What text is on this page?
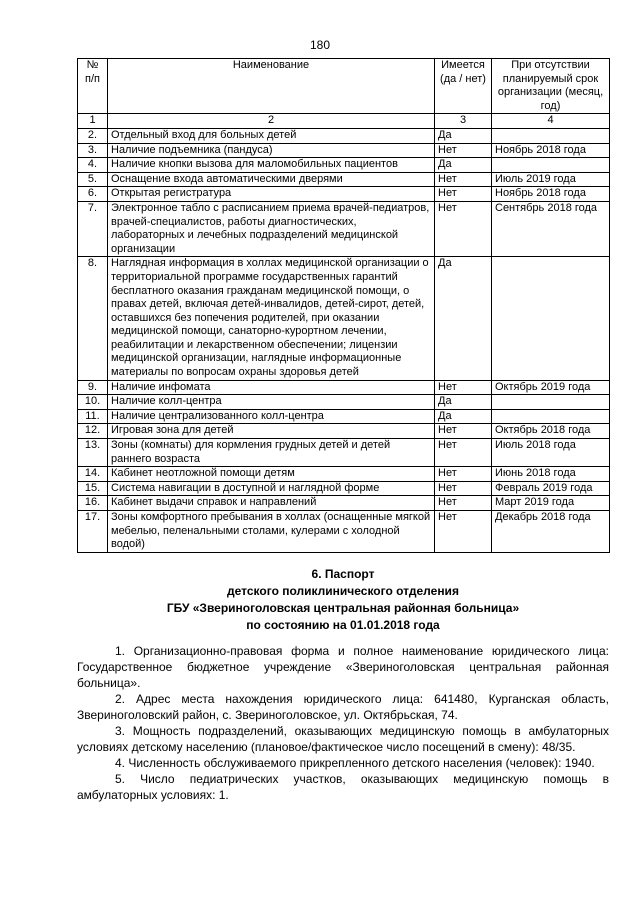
180
№ п/п	Наименование	Имеется (да / нет)	При отсутствии планируемый срок организации (месяц, год)
1	2	3	4
2.	Отдельный вход для больных детей	Да	
3.	Наличие подъемника (пандуса)	Нет	Ноябрь 2018 года
4.	Наличие кнопки вызова для маломобильных пациентов	Да	
5.	Оснащение входа автоматическими дверями	Нет	Июль 2019 года
6.	Открытая регистратура	Нет	Ноябрь 2018 года
7.	Электронное табло с расписанием приема врачей-педиатров, врачей-специалистов, работы диагностических, лабораторных и лечебных подразделений медицинской организации	Нет	Сентябрь 2018 года
8.	Наглядная информация в холлах медицинской организации о территориальной программе государственных гарантий бесплатного оказания гражданам медицинской помощи, о правах детей, включая детей-инвалидов, детей-сирот, детей, оставшихся без попечения родителей, при оказании медицинской помощи, санаторно-курортном лечении, реабилитации и лекарственном обеспечении; лицензии медицинской организации, наглядные информационные материалы по вопросам охраны здоровья детей	Да	
9.	Наличие инфомата	Нет	Октябрь 2019 года
10.	Наличие колл-центра	Да	
11.	Наличие централизованного колл-центра	Да	
12.	Игровая зона для детей	Нет	Октябрь 2018 года
13.	Зоны (комнаты) для кормления грудных детей и детей раннего возраста	Нет	Июль 2018 года
14.	Кабинет неотложной помощи детям	Нет	Июнь 2018 года
15.	Система навигации в доступной и наглядной форме	Нет	Февраль 2019 года
16.	Кабинет выдачи справок и направлений	Нет	Март 2019 года
17.	Зоны комфортного пребывания в холлах (оснащенные мягкой мебелью, пеленальными столами, кулерами с холодной водой)	Нет	Декабрь 2018 года
6. Паспорт
детского поликлинического отделения
ГБУ «Звериноголовская центральная районная больница»
по состоянию на 01.01.2018 года

1. Организационно-правовая форма и полное наименование юридического лица: Государственное бюджетное учреждение «Звериноголовская центральная районная больница».

2. Адрес места нахождения юридического лица: 641480, Курганская область, Звериноголовский район, с. Звериноголовское, ул. Октябрьская, 74.

3. Мощность подразделений, оказывающих медицинскую помощь в амбулаторных условиях детскому населению (плановое/фактическое число посещений в смену): 48/35.

4. Численность обслуживаемого прикрепленного детского населения (человек): 1940.

5. Число педиатрических участков, оказывающих медицинскую помощь в амбулаторных условиях: 1.
